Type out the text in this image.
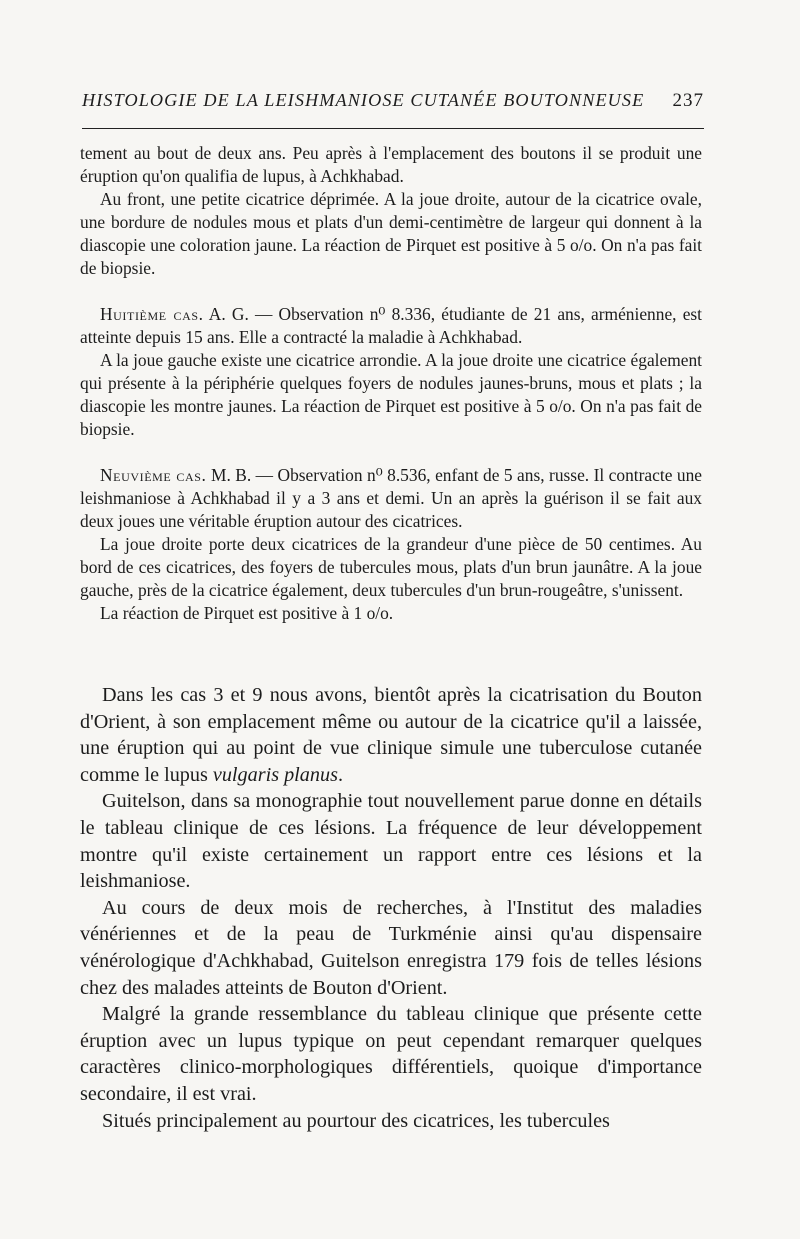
HISTOLOGIE DE LA LEISHMANIOSE CUTANÉE BOUTONNEUSE 237

tement au bout de deux ans. Peu après à l'emplacement des boutons il se produit une éruption qu'on qualifia de lupus, à Achkhabad.

Au front, une petite cicatrice déprimée. A la joue droite, autour de la cicatrice ovale, une bordure de nodules mous et plats d'un demi-centimètre de largeur qui donnent à la diascopie une coloration jaune. La réaction de Pirquet est positive à 5 o/o. On n'a pas fait de biopsie.

Huitième cas. A. G. — Observation n⁰ 8.336, étudiante de 21 ans, arménienne, est atteinte depuis 15 ans. Elle a contracté la maladie à Achkhabad.

A la joue gauche existe une cicatrice arrondie. A la joue droite une cicatrice également qui présente à la périphérie quelques foyers de nodules jaunes-bruns, mous et plats ; la diascopie les montre jaunes. La réaction de Pirquet est positive à 5 o/o. On n'a pas fait de biopsie.

Neuvième cas. M. B. — Observation n⁰ 8.536, enfant de 5 ans, russe. Il contracte une leishmaniose à Achkhabad il y a 3 ans et demi. Un an après la guérison il se fait aux deux joues une véritable éruption autour des cicatrices.

La joue droite porte deux cicatrices de la grandeur d'une pièce de 50 centimes. Au bord de ces cicatrices, des foyers de tubercules mous, plats d'un brun jaunâtre. A la joue gauche, près de la cicatrice également, deux tubercules d'un brun-rougeâtre, s'unissent.

La réaction de Pirquet est positive à 1 o/o.

Dans les cas 3 et 9 nous avons, bientôt après la cicatrisation du Bouton d'Orient, à son emplacement même ou autour de la cicatrice qu'il a laissée, une éruption qui au point de vue clinique simule une tuberculose cutanée comme le lupus vulgaris planus.

Guitelson, dans sa monographie tout nouvellement parue donne en détails le tableau clinique de ces lésions. La fréquence de leur développement montre qu'il existe certainement un rapport entre ces lésions et la leishmaniose.

Au cours de deux mois de recherches, à l'Institut des maladies vénériennes et de la peau de Turkménie ainsi qu'au dispensaire vénérologique d'Achkhabad, Guitelson enregistra 179 fois de telles lésions chez des malades atteints de Bouton d'Orient.

Malgré la grande ressemblance du tableau clinique que présente cette éruption avec un lupus typique on peut cependant remarquer quelques caractères clinico-morphologiques différentiels, quoique d'importance secondaire, il est vrai.

Situés principalement au pourtour des cicatrices, les tubercules
